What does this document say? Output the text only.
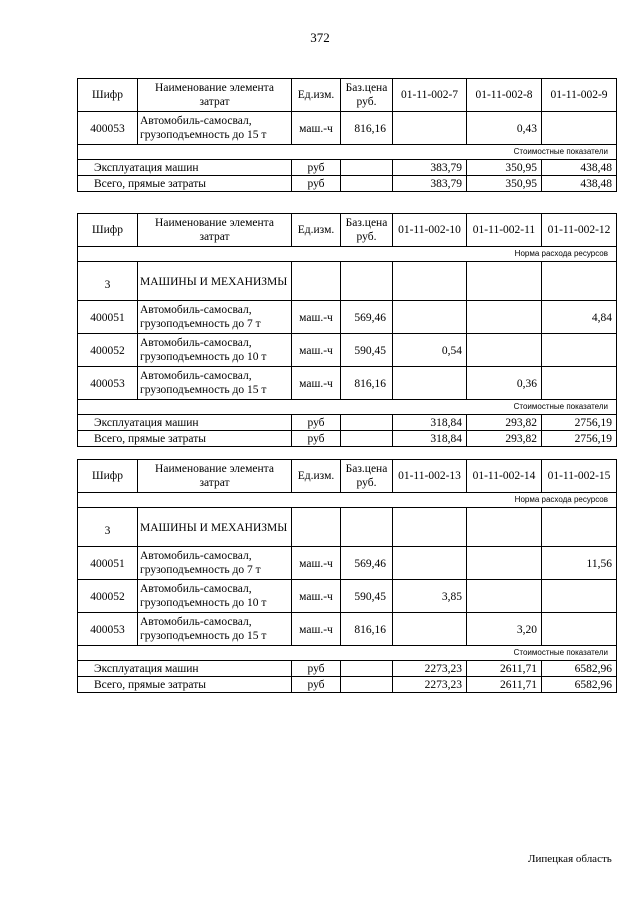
372
Шифр	Наименование элемента затрат	Ед.изм.	Баз.цена руб.	01-11-002-7	01-11-002-8	01-11-002-9
400053	Автомобиль-самосвал, грузоподъемность до 15 т	маш.-ч	816,16		0,43	
Стоимостные показатели						
Эксплуатация машин		руб		383,79	350,95	438,48
Всего, прямые затраты		руб		383,79	350,95	438,48
Шифр	Наименование элемента затрат	Ед.изм.	Баз.цена руб.	01-11-002-10	01-11-002-11	01-11-002-12
Норма расхода ресурсов						
3	МАШИНЫ И МЕХАНИЗМЫ					
400051	Автомобиль-самосвал, грузоподъемность до 7 т	маш.-ч	569,46			4,84
400052	Автомобиль-самосвал, грузоподъемность до 10 т	маш.-ч	590,45	0,54		
400053	Автомобиль-самосвал, грузоподъемность до 15 т	маш.-ч	816,16		0,36	
Стоимостные показатели						
Эксплуатация машин		руб		318,84	293,82	2756,19
Всего, прямые затраты		руб		318,84	293,82	2756,19
Шифр	Наименование элемента затрат	Ед.изм.	Баз.цена руб.	01-11-002-13	01-11-002-14	01-11-002-15
Норма расхода ресурсов						
3	МАШИНЫ И МЕХАНИЗМЫ					
400051	Автомобиль-самосвал, грузоподъемность до 7 т	маш.-ч	569,46			11,56
400052	Автомобиль-самосвал, грузоподъемность до 10 т	маш.-ч	590,45	3,85		
400053	Автомобиль-самосвал, грузоподъемность до 15 т	маш.-ч	816,16		3,20	
Стоимостные показатели						
Эксплуатация машин		руб		2273,23	2611,71	6582,96
Всего, прямые затраты		руб		2273,23	2611,71	6582,96
Липецкая область
